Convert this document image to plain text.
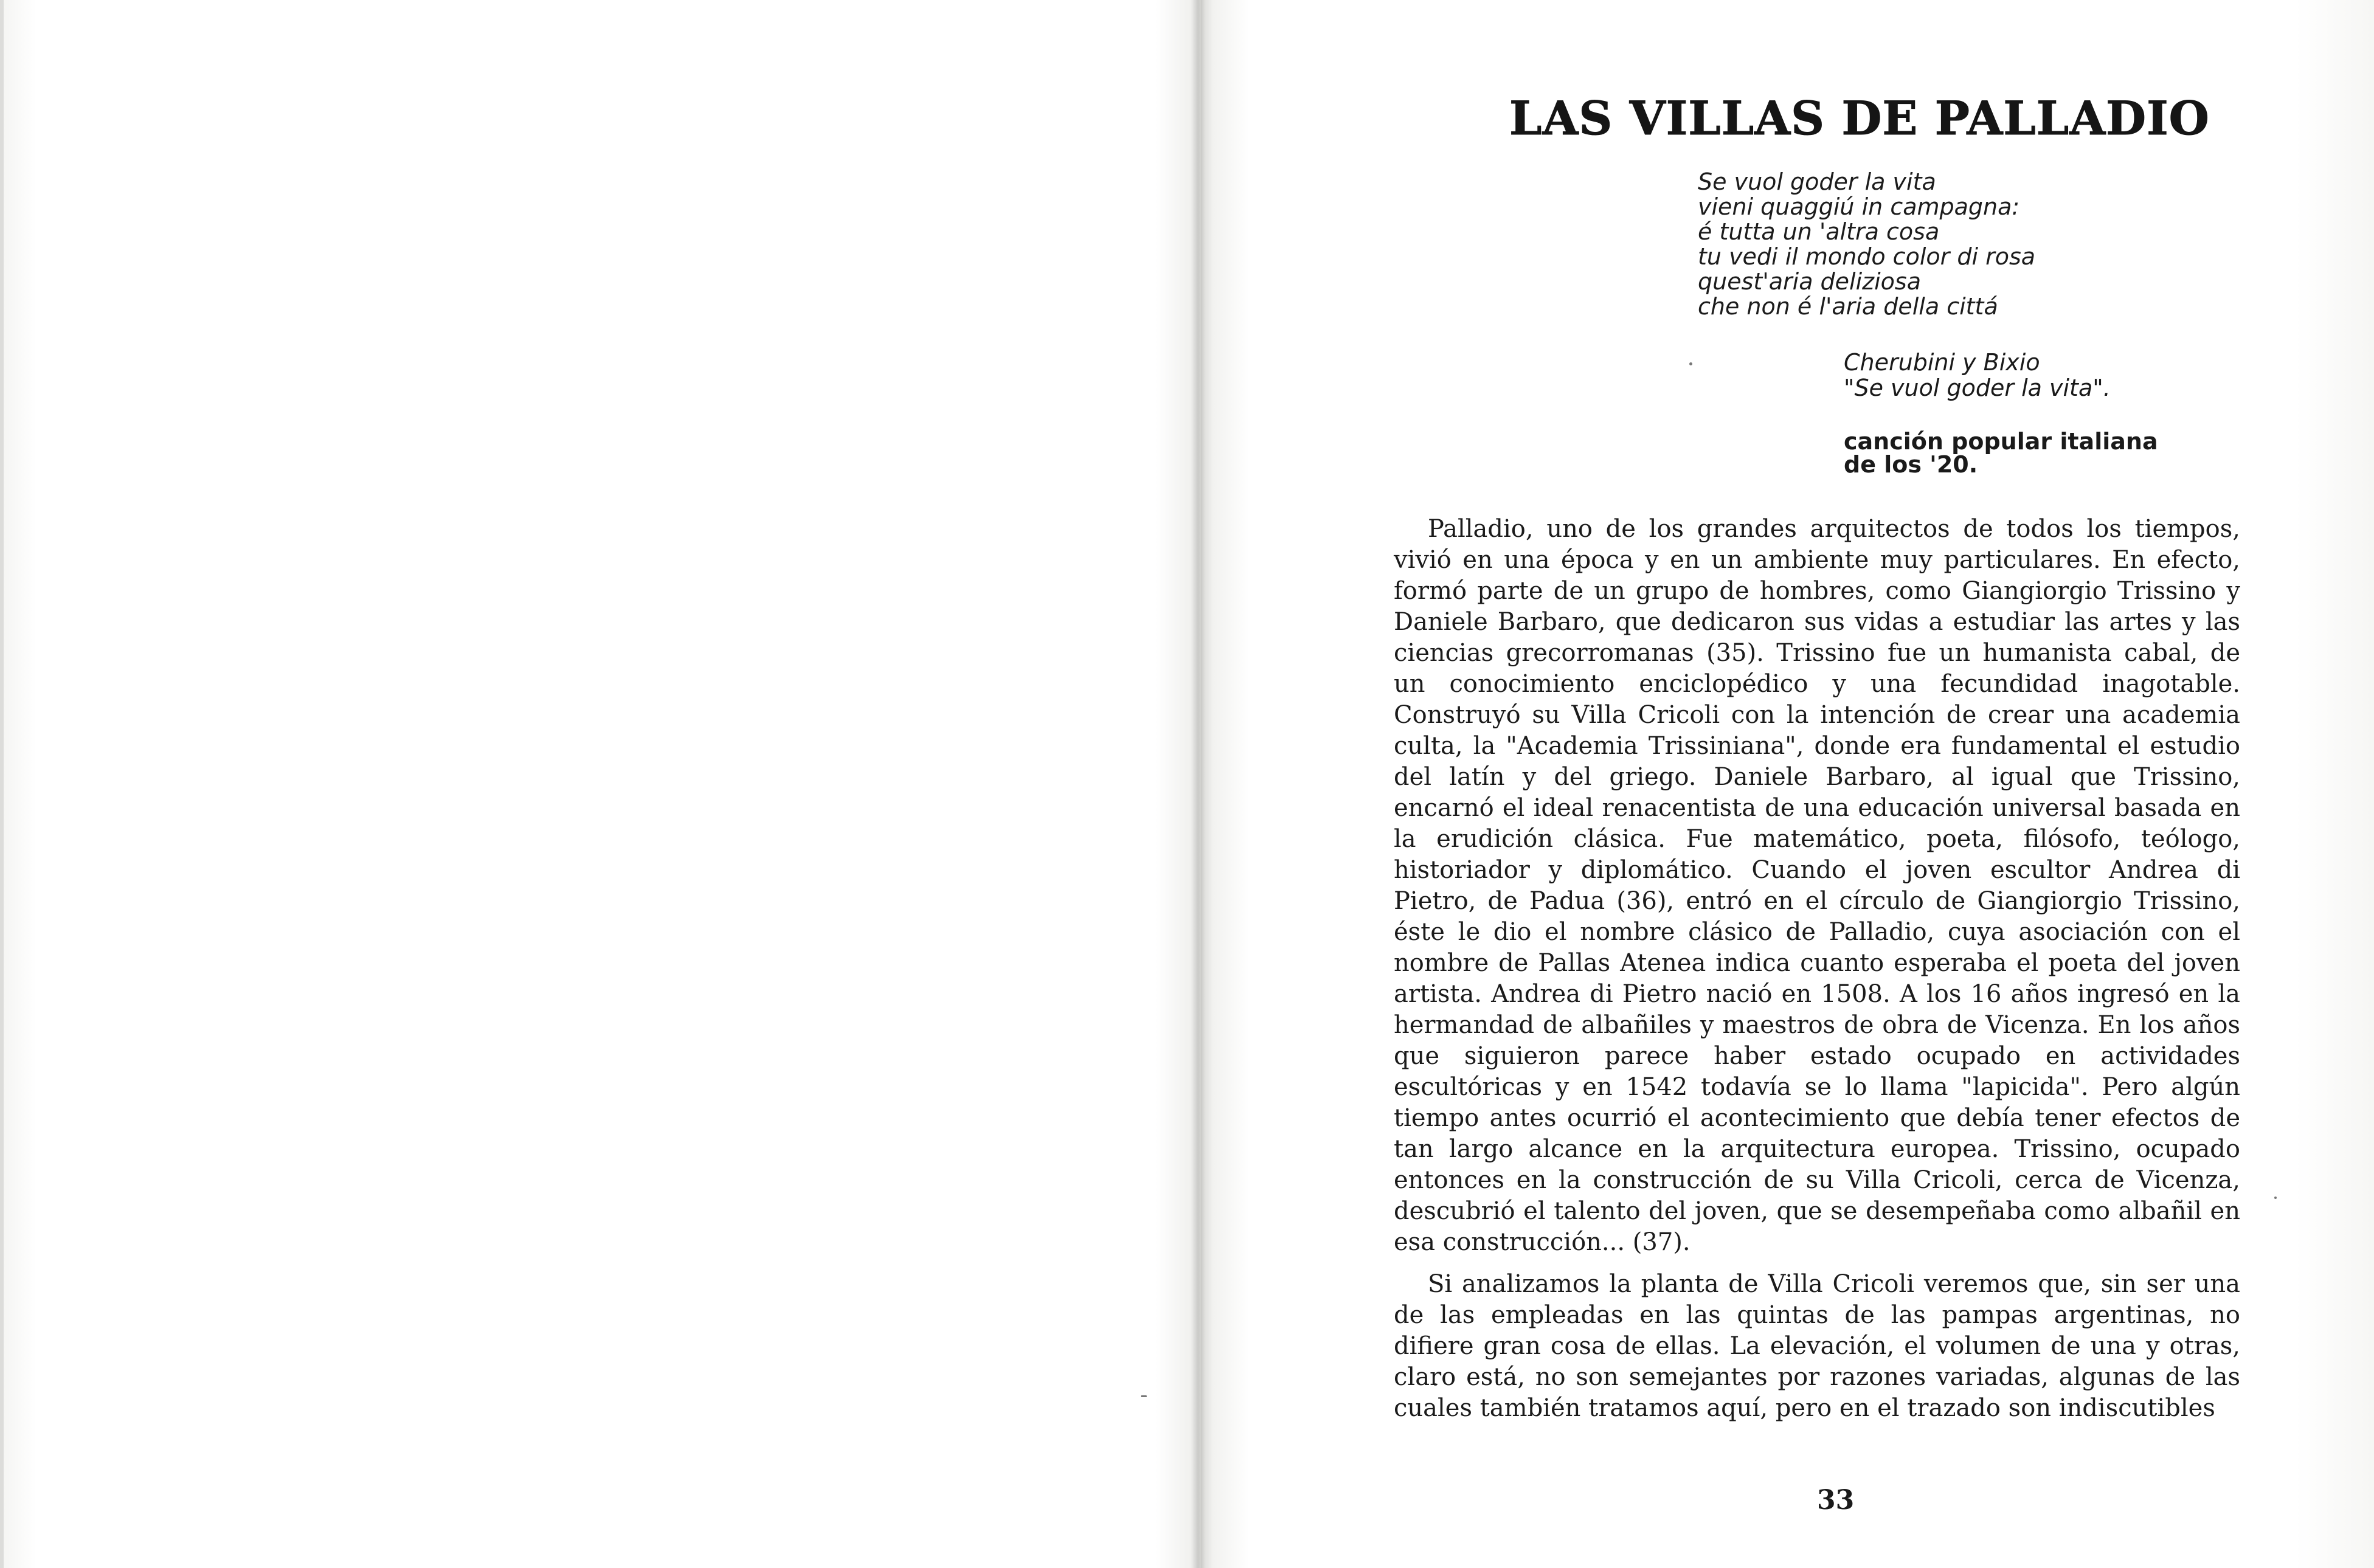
LAS VILLAS DE PALLADIO
Se vuol goder la vita
vieni quaggiú in campagna:
é tutta un 'altra cosa
tu vedi il mondo color di rosa
quest'aria deliziosa
che non é l'aria della cittá
Cherubini y Bixio
"Se vuol goder la vita".
canción popular italiana
de los '20.

Palladio, uno de los grandes arquitectos de todos los tiempos, vivió en una época y en un ambiente muy particulares. En efecto, formó parte de un grupo de hombres, como Giangiorgio Trissino y Daniele Barbaro, que dedicaron sus vidas a estudiar las artes y las ciencias grecorromanas (35). Trissino fue un humanista cabal, de un conocimiento enciclopédico y una fecundidad inagotable. Construyó su Villa Cricoli con la intención de crear una academia culta, la "Academia Trissiniana", donde era fundamental el estudio del latín y del griego. Daniele Barbaro, al igual que Trissino, encarnó el ideal renacentista de una educación universal basada en la erudición clásica. Fue matemático, poeta, filósofo, teólogo, historiador y diplomático. Cuando el joven escultor Andrea di Pietro, de Padua (36), entró en el círculo de Giangiorgio Trissino, éste le dio el nombre clásico de Palladio, cuya asociación con el nombre de Pallas Atenea indica cuanto esperaba el poeta del joven artista. Andrea di Pietro nació en 1508. A los 16 años ingresó en la hermandad de albañiles y maestros de obra de Vicenza. En los años que siguieron parece haber estado ocupado en actividades escultóricas y en 1542 todavía se lo llama "lapicida". Pero algún tiempo antes ocurrió el acontecimiento que debía tener efectos de tan largo alcance en la arquitectura europea. Trissino, ocupado entonces en la construcción de su Villa Cricoli, cerca de Vicenza, descubrió el talento del joven, que se desempeñaba como albañil en esa construcción... (37).

Si analizamos la planta de Villa Cricoli veremos que, sin ser una de las empleadas en las quintas de las pampas argentinas, no difiere gran cosa de ellas. La elevación, el volumen de una y otras, claro está, no son semejantes por razones variadas, algunas de las cuales también tratamos aquí, pero en el trazado son indiscutibles

33
